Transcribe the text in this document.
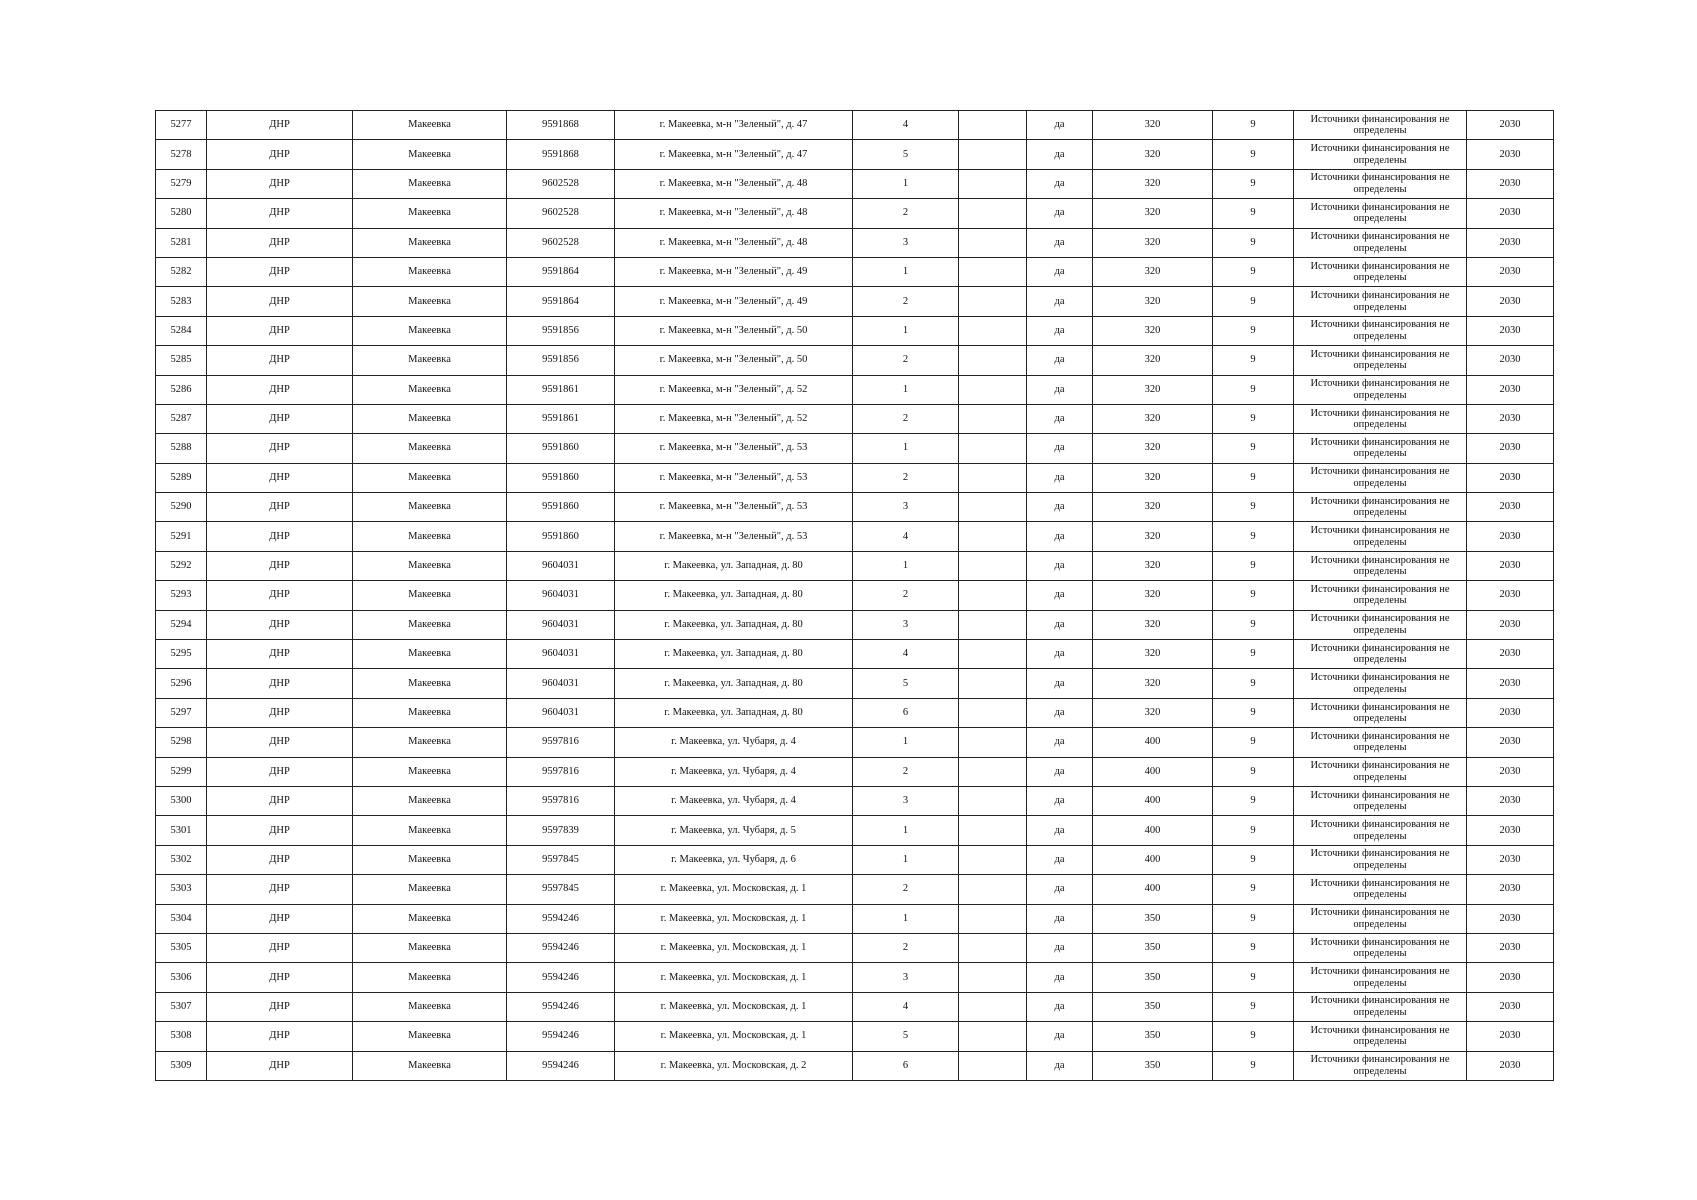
5277	ДНР	Макеевка	9591868	г. Макеевка, м-н "Зеленый", д. 47	4		да	320	9	Источники финансирования не определены	2030
5278	ДНР	Макеевка	9591868	г. Макеевка, м-н "Зеленый", д. 47	5		да	320	9	Источники финансирования не определены	2030
5279	ДНР	Макеевка	9602528	г. Макеевка, м-н "Зеленый", д. 48	1		да	320	9	Источники финансирования не определены	2030
5280	ДНР	Макеевка	9602528	г. Макеевка, м-н "Зеленый", д. 48	2		да	320	9	Источники финансирования не определены	2030
5281	ДНР	Макеевка	9602528	г. Макеевка, м-н "Зеленый", д. 48	3		да	320	9	Источники финансирования не определены	2030
5282	ДНР	Макеевка	9591864	г. Макеевка, м-н "Зеленый", д. 49	1		да	320	9	Источники финансирования не определены	2030
5283	ДНР	Макеевка	9591864	г. Макеевка, м-н "Зеленый", д. 49	2		да	320	9	Источники финансирования не определены	2030
5284	ДНР	Макеевка	9591856	г. Макеевка, м-н "Зеленый", д. 50	1		да	320	9	Источники финансирования не определены	2030
5285	ДНР	Макеевка	9591856	г. Макеевка, м-н "Зеленый", д. 50	2		да	320	9	Источники финансирования не определены	2030
5286	ДНР	Макеевка	9591861	г. Макеевка, м-н "Зеленый", д. 52	1		да	320	9	Источники финансирования не определены	2030
5287	ДНР	Макеевка	9591861	г. Макеевка, м-н "Зеленый", д. 52	2		да	320	9	Источники финансирования не определены	2030
5288	ДНР	Макеевка	9591860	г. Макеевка, м-н "Зеленый", д. 53	1		да	320	9	Источники финансирования не определены	2030
5289	ДНР	Макеевка	9591860	г. Макеевка, м-н "Зеленый", д. 53	2		да	320	9	Источники финансирования не определены	2030
5290	ДНР	Макеевка	9591860	г. Макеевка, м-н "Зеленый", д. 53	3		да	320	9	Источники финансирования не определены	2030
5291	ДНР	Макеевка	9591860	г. Макеевка, м-н "Зеленый", д. 53	4		да	320	9	Источники финансирования не определены	2030
5292	ДНР	Макеевка	9604031	г. Макеевка, ул. Западная, д. 80	1		да	320	9	Источники финансирования не определены	2030
5293	ДНР	Макеевка	9604031	г. Макеевка, ул. Западная, д. 80	2		да	320	9	Источники финансирования не определены	2030
5294	ДНР	Макеевка	9604031	г. Макеевка, ул. Западная, д. 80	3		да	320	9	Источники финансирования не определены	2030
5295	ДНР	Макеевка	9604031	г. Макеевка, ул. Западная, д. 80	4		да	320	9	Источники финансирования не определены	2030
5296	ДНР	Макеевка	9604031	г. Макеевка, ул. Западная, д. 80	5		да	320	9	Источники финансирования не определены	2030
5297	ДНР	Макеевка	9604031	г. Макеевка, ул. Западная, д. 80	6		да	320	9	Источники финансирования не определены	2030
5298	ДНР	Макеевка	9597816	г. Макеевка, ул. Чубаря, д. 4	1		да	400	9	Источники финансирования не определены	2030
5299	ДНР	Макеевка	9597816	г. Макеевка, ул. Чубаря, д. 4	2		да	400	9	Источники финансирования не определены	2030
5300	ДНР	Макеевка	9597816	г. Макеевка, ул. Чубаря, д. 4	3		да	400	9	Источники финансирования не определены	2030
5301	ДНР	Макеевка	9597839	г. Макеевка, ул. Чубаря, д. 5	1		да	400	9	Источники финансирования не определены	2030
5302	ДНР	Макеевка	9597845	г. Макеевка, ул. Чубаря, д. 6	1		да	400	9	Источники финансирования не определены	2030
5303	ДНР	Макеевка	9597845	г. Макеевка, ул. Московская, д. 1	2		да	400	9	Источники финансирования не определены	2030
5304	ДНР	Макеевка	9594246	г. Макеевка, ул. Московская, д. 1	1		да	350	9	Источники финансирования не определены	2030
5305	ДНР	Макеевка	9594246	г. Макеевка, ул. Московская, д. 1	2		да	350	9	Источники финансирования не определены	2030
5306	ДНР	Макеевка	9594246	г. Макеевка, ул. Московская, д. 1	3		да	350	9	Источники финансирования не определены	2030
5307	ДНР	Макеевка	9594246	г. Макеевка, ул. Московская, д. 1	4		да	350	9	Источники финансирования не определены	2030
5308	ДНР	Макеевка	9594246	г. Макеевка, ул. Московская, д. 1	5		да	350	9	Источники финансирования не определены	2030
5309	ДНР	Макеевка	9594246	г. Макеевка, ул. Московская, д. 2	6		да	350	9	Источники финансирования не определены	2030
